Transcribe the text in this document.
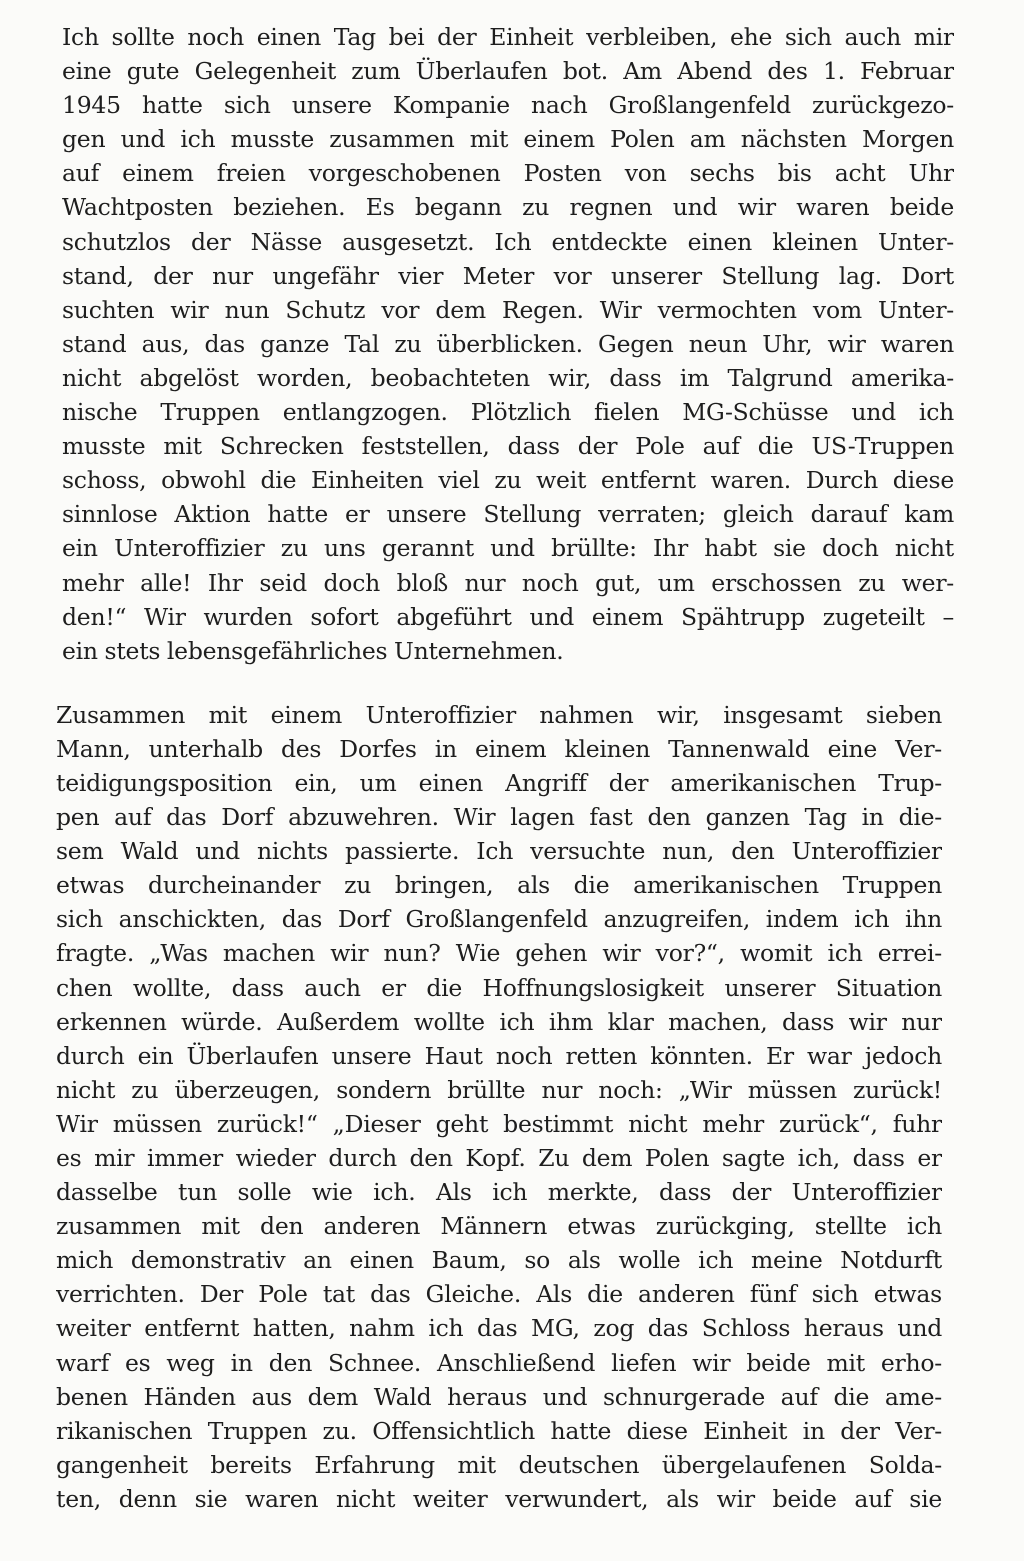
Ich sollte noch einen Tag bei der Einheit verbleiben, ehe sich auch mir
eine gute Gelegenheit zum Überlaufen bot. Am Abend des 1. Februar
1945 hatte sich unsere Kompanie nach Großlangenfeld zurückgezo-
gen und ich musste zusammen mit einem Polen am nächsten Morgen
auf einem freien vorgeschobenen Posten von sechs bis acht Uhr
Wachtposten beziehen. Es begann zu regnen und wir waren beide
schutzlos der Nässe ausgesetzt. Ich entdeckte einen kleinen Unter-
stand, der nur ungefähr vier Meter vor unserer Stellung lag. Dort
suchten wir nun Schutz vor dem Regen. Wir vermochten vom Unter-
stand aus, das ganze Tal zu überblicken. Gegen neun Uhr, wir waren
nicht abgelöst worden, beobachteten wir, dass im Talgrund amerika-
nische Truppen entlangzogen. Plötzlich fielen MG-Schüsse und ich
musste mit Schrecken feststellen, dass der Pole auf die US-Truppen
schoss, obwohl die Einheiten viel zu weit entfernt waren. Durch diese
sinnlose Aktion hatte er unsere Stellung verraten; gleich darauf kam
ein Unteroffizier zu uns gerannt und brüllte: Ihr habt sie doch nicht
mehr alle! Ihr seid doch bloß nur noch gut, um erschossen zu wer-
den!“ Wir wurden sofort abgeführt und einem Spähtrupp zugeteilt –
ein stets lebensgefährliches Unternehmen.
Zusammen mit einem Unteroffizier nahmen wir, insgesamt sieben
Mann, unterhalb des Dorfes in einem kleinen Tannenwald eine Ver-
teidigungsposition ein, um einen Angriff der amerikanischen Trup-
pen auf das Dorf abzuwehren. Wir lagen fast den ganzen Tag in die-
sem Wald und nichts passierte. Ich versuchte nun, den Unteroffizier
etwas durcheinander zu bringen, als die amerikanischen Truppen
sich anschickten, das Dorf Großlangenfeld anzugreifen, indem ich ihn
fragte. „Was machen wir nun? Wie gehen wir vor?“, womit ich errei-
chen wollte, dass auch er die Hoffnungslosigkeit unserer Situation
erkennen würde. Außerdem wollte ich ihm klar machen, dass wir nur
durch ein Überlaufen unsere Haut noch retten könnten. Er war jedoch
nicht zu überzeugen, sondern brüllte nur noch: „Wir müssen zurück!
Wir müssen zurück!“ „Dieser geht bestimmt nicht mehr zurück“, fuhr
es mir immer wieder durch den Kopf. Zu dem Polen sagte ich, dass er
dasselbe tun solle wie ich. Als ich merkte, dass der Unteroffizier
zusammen mit den anderen Männern etwas zurückging, stellte ich
mich demonstrativ an einen Baum, so als wolle ich meine Notdurft
verrichten. Der Pole tat das Gleiche. Als die anderen fünf sich etwas
weiter entfernt hatten, nahm ich das MG, zog das Schloss heraus und
warf es weg in den Schnee. Anschließend liefen wir beide mit erho-
benen Händen aus dem Wald heraus und schnurgerade auf die ame-
rikanischen Truppen zu. Offensichtlich hatte diese Einheit in der Ver-
gangenheit bereits Erfahrung mit deutschen übergelaufenen Solda-
ten, denn sie waren nicht weiter verwundert, als wir beide auf sie
